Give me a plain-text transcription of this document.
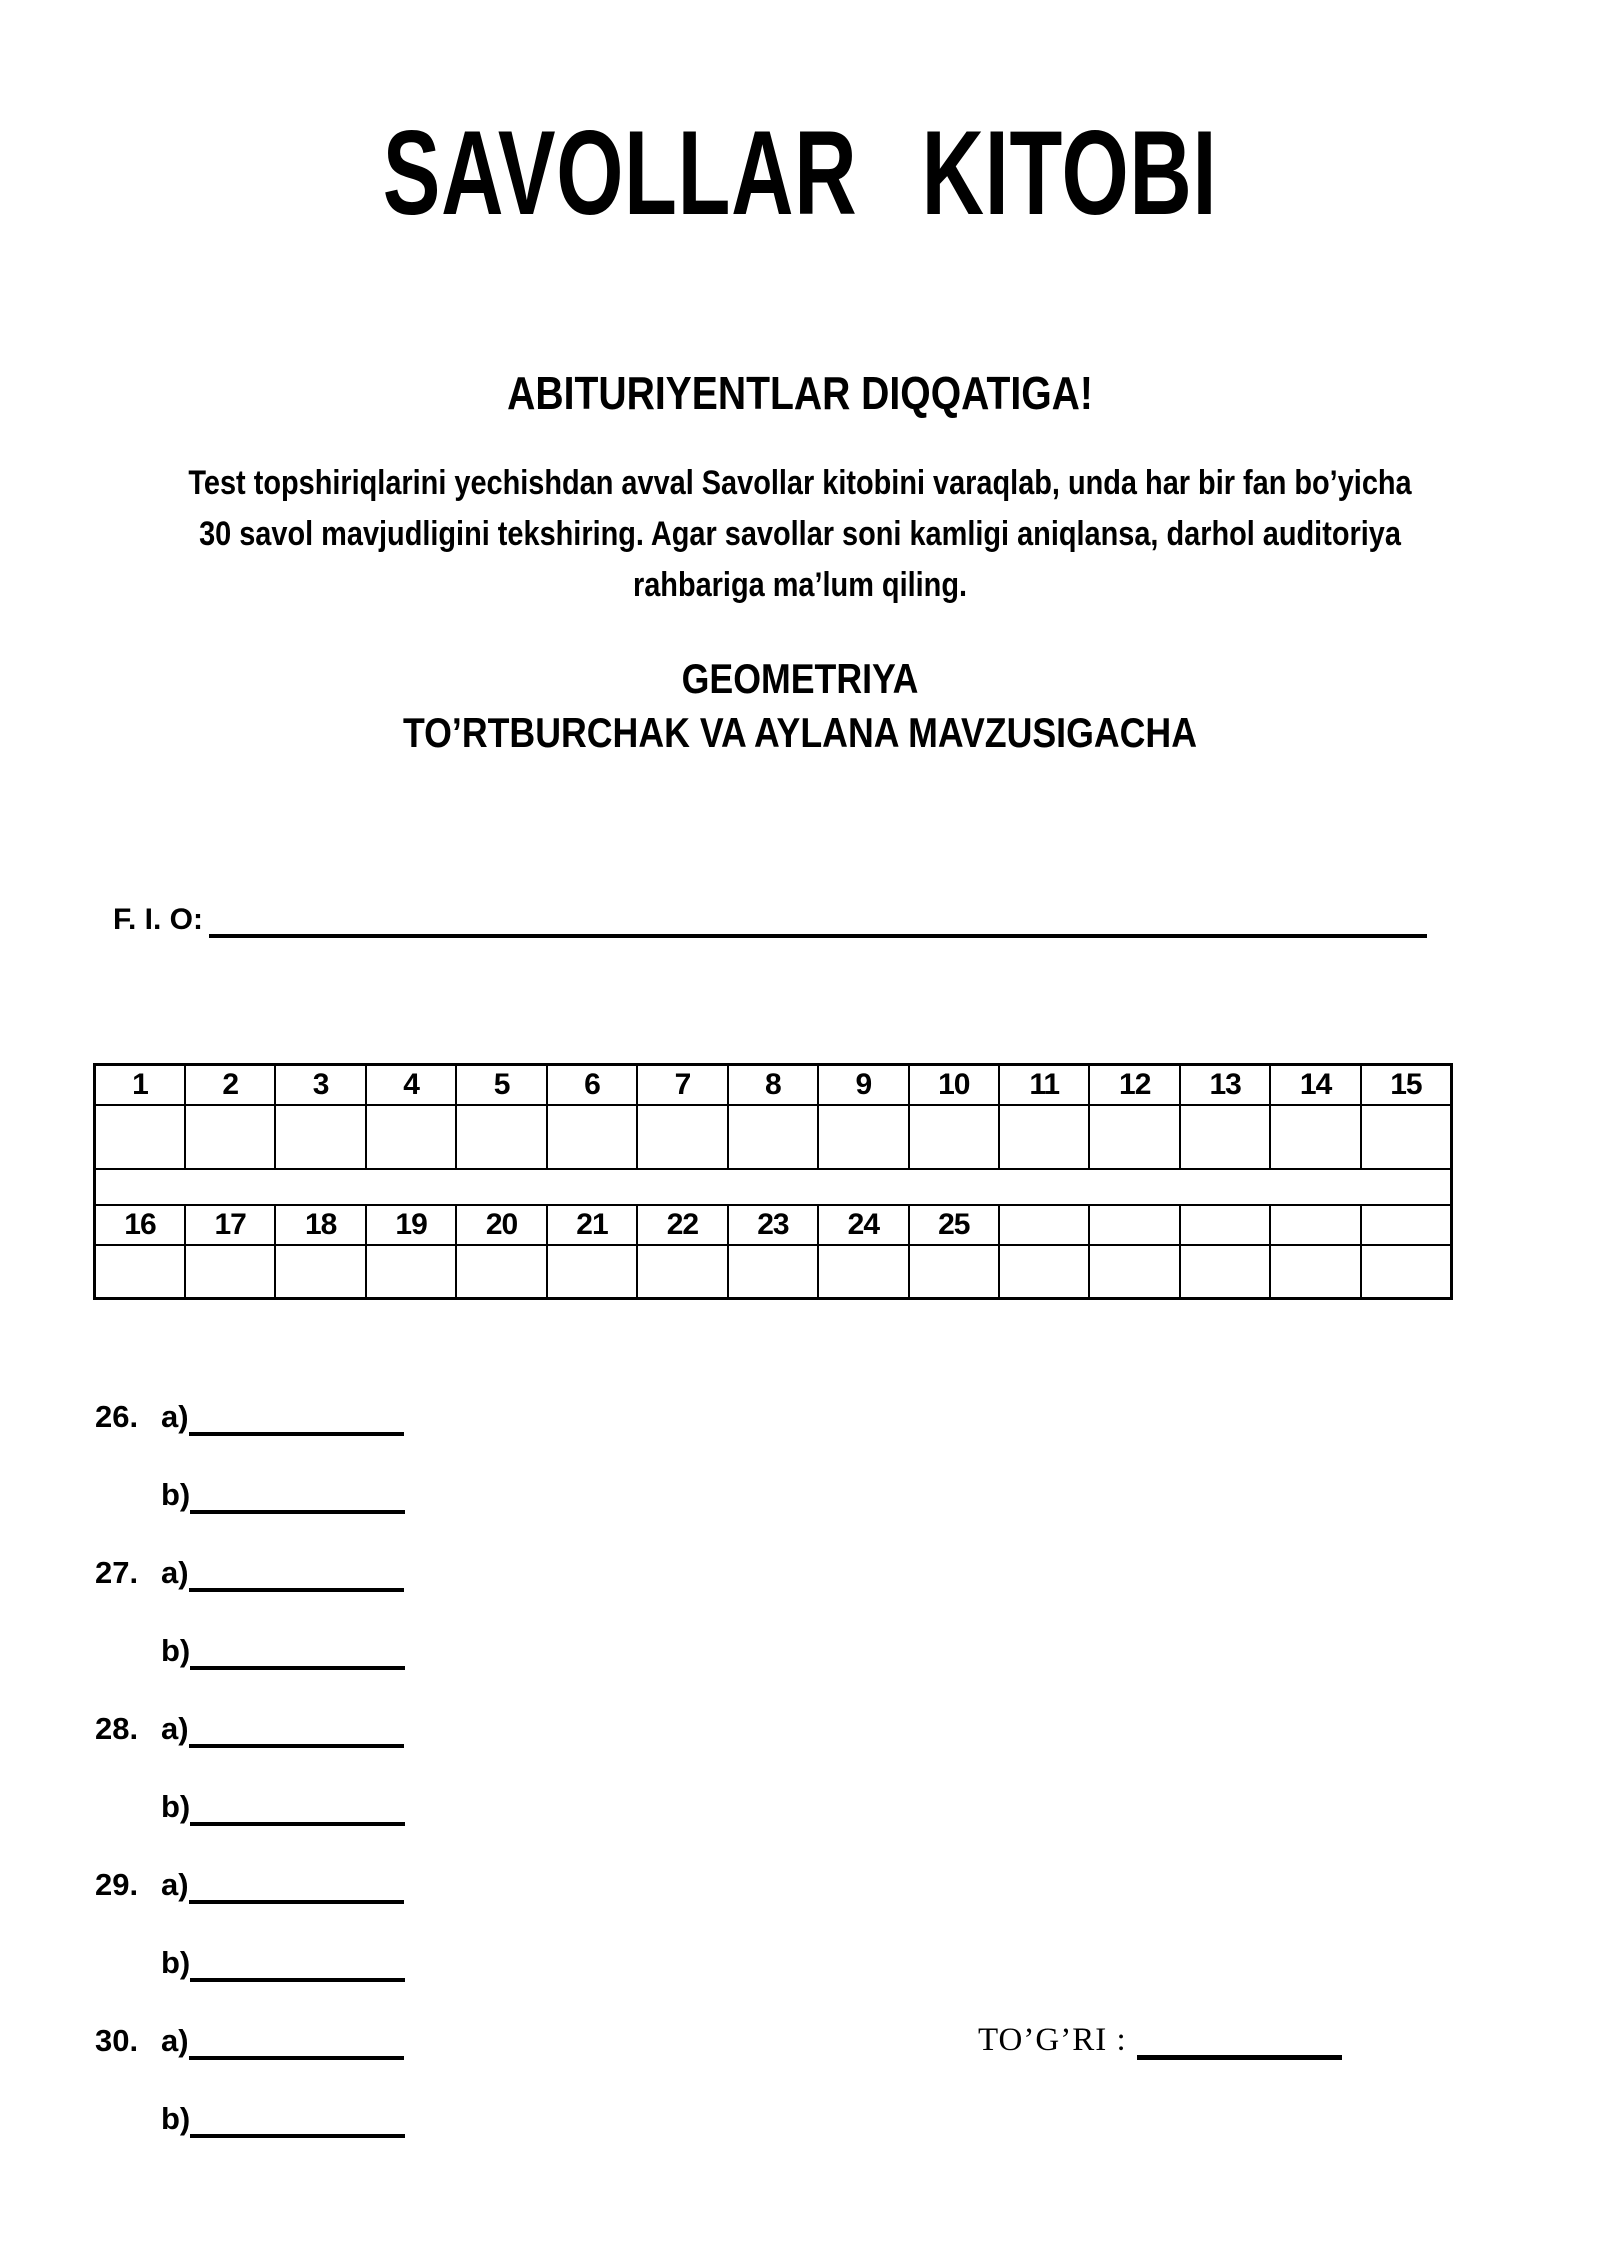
SAVOLLAR KITOBI
ABITURIYENTLAR DIQQATIGA!
Test topshiriqlarini yechishdan avval Savollar kitobini varaqlab, unda har bir fan bo’yicha
30 savol mavjudligini tekshiring. Agar savollar soni kamligi aniqlansa, darhol auditoriya
rahbariga ma’lum qiling.
GEOMETRIYA
TO’RTBURCHAK VA AYLANA MAVZUSIGACHA
F. I. O:
1	2	3	4	5	6	7	8	9	10	11	12	13	14	15

16	17	18	19	20	21	22	23	24	25					

26. a)
b)
27. a)
b)
28. a)
b)
29. a)
b)
30. a)
b)
TO’G’RI :
